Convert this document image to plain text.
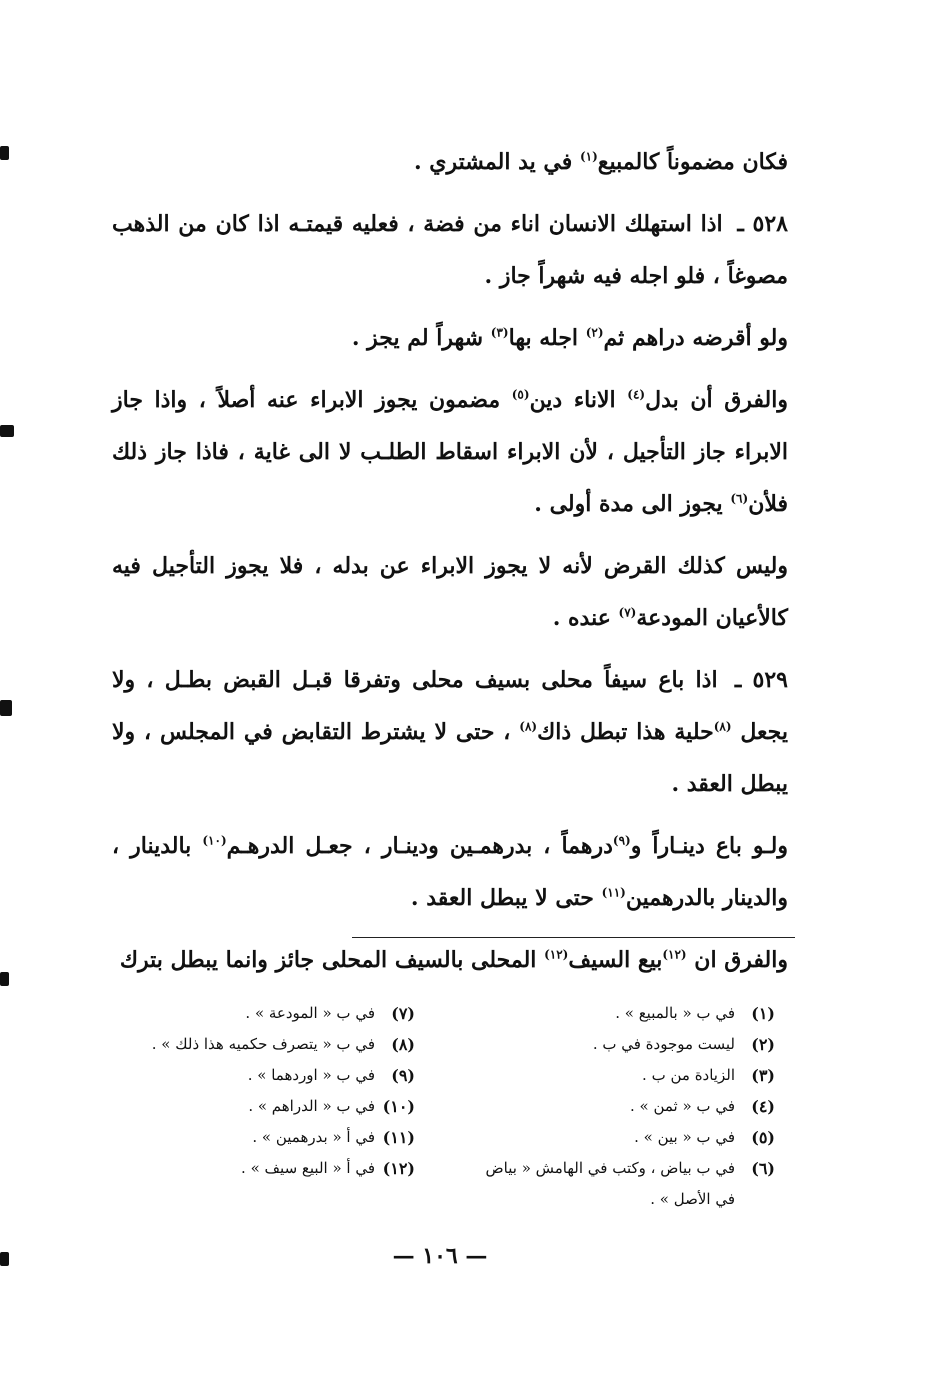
فكان مضموناً كالمبيع$^{(١)}$ في يد المشتري .

٥٢٨ ـ اذا استهلك الانسان اناء من فضة ، فعليه قيمتـه اذا كان من الذهب مصوغاً ، فلو اجله فيه شهراً جاز .

ولو أقرضه دراهم ثم$^{(٢)}$ اجله بها$^{(٣)}$ شهراً لم يجز .

والفرق أن بدل$^{(٤)}$ الاناء دين$^{(٥)}$ مضمون يجوز الابراء عنه أصلاً ، واذا جاز الابراء جاز التأجيل ، لأن الابراء اسقاط الطلـب لا الى غاية ، فاذا جاز ذلك فلأن$^{(٦)}$ يجوز الى مدة أولى .

وليس كذلك القرض لأنه لا يجوز الابراء عن بدله ، فلا يجوز التأجيل فيه كالأعيان المودعة$^{(٧)}$ عنده .

٥٢٩ ـ اذا باع سيفاً محلى بسيف محلى وتفرقا قبـل القبض بطـل ، ولا يجعل $^{(٨)}$حلية هذا تبطل ذاك$^{(٨)}$ ، حتى لا يشترط التقابض في المجلس ، ولا يبطل العقد .

ولـو باع دينـاراً و$^{(٩)}$درهماً ، بدرهمـين ودينـار ، جعـل الدرهـم$^{(١٠)}$ بالدينار ، والدينار بالدرهمين$^{(١١)}$ حتى لا يبطل العقد .

والفرق ان $^{(١٢)}$بيع السيف$^{(١٢)}$ المحلى بالسيف المحلى جائز وانما يبطل بترك

(١)
في ب « بالمبيع » .
(٢)
ليست موجودة في ب .
(٣)
الزيادة من ب .
(٤)
في ب « ثمن » .
(٥)
في ب « بين » .
(٦)
في ب بياض ، وكتب في الهامش « بياض في الأصل » .
(٧)
في ب « المودعة » .
(٨)
في ب « يتصرف حكميه هذا ذلك » .
(٩)
في ب « اوردهما » .
(١٠)
في ب « الدراهم » .
(١١)
في أ « بدرهمين » .
(١٢)
في أ « البيع سيف » .
— ١٠٦ —
